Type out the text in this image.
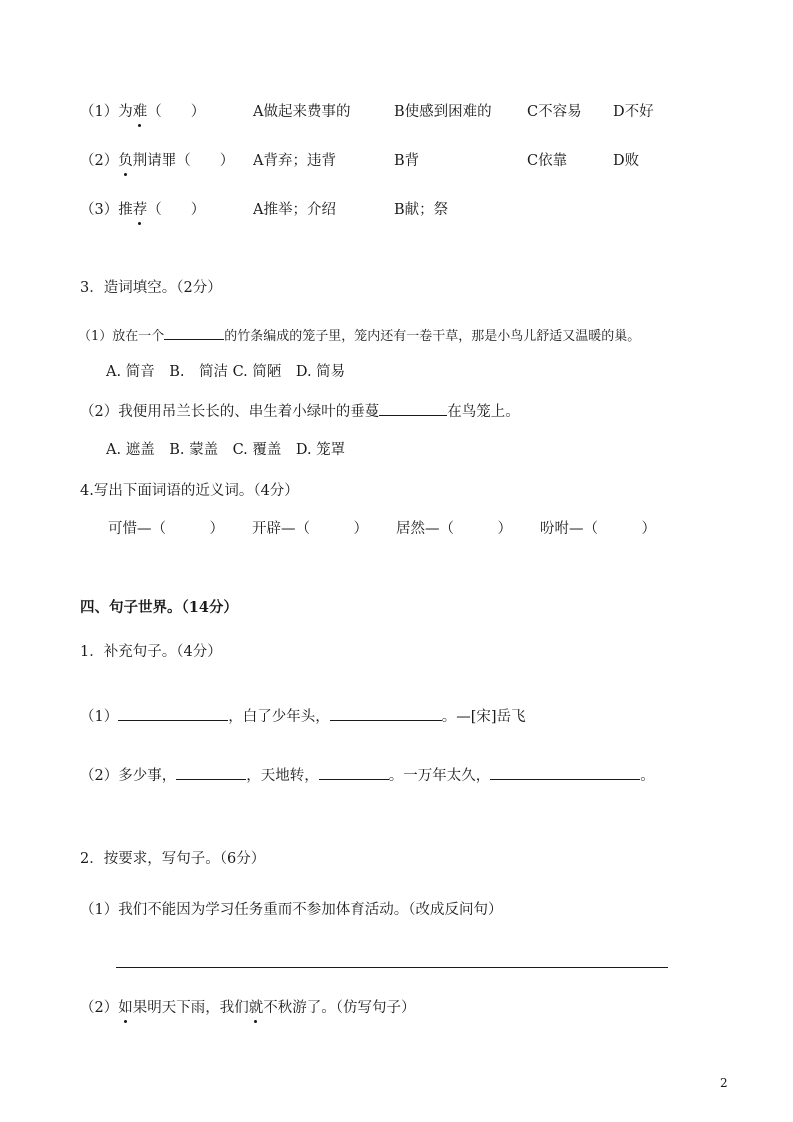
（1）为难（　　）	A做起来费事的	B使感到困难的 C不容易 D不好
（2）负荆请罪（　　） A背弃；违背	B背	C依靠	D败
（3）推荐（　　）	A推举；介绍	B献；祭
3．造词填空。（2分）
（1）放在一个	的竹条编成的笼子里，笼内还有一卷干草，那是小鸟儿舒适又温暖的巢。
A. 简音　B.　简洁 C. 简陋　D. 简易
（2）我便用吊兰长长的、串生着小绿叶的垂蔓	在鸟笼上。
A. 遮盖　B. 蒙盖　C. 覆盖　D. 笼罩
4.写出下面词语的近义词。（4分）
可惜—（　　　） 开辟—（　　　） 居然—（　　　） 吩咐—（　　　）
四、句子世界。（14分）
1．补充句子。（4分）
（1）	，白了少年头，	。—[宋]岳飞
（2）多少事，	，天地转，	。一万年太久，	。
2．按要求，写句子。（6分）
（1）我们不能因为学习任务重而不参加体育活动。（改成反问句）
（2）如果明天下雨，我们就不秋游了。（仿写句子）
2
